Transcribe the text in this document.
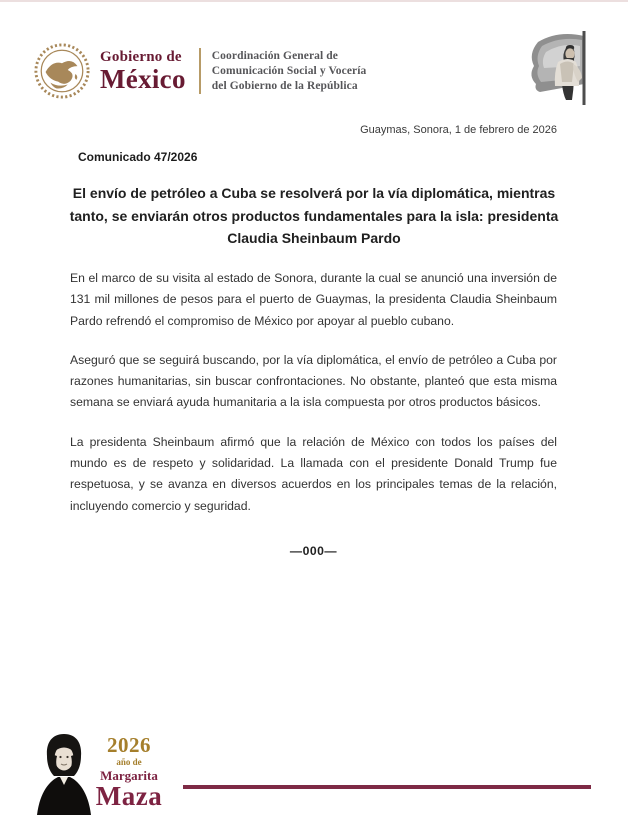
Gobierno de
México
Coordinación General de
Comunicación Social y Vocería
del Gobierno de la República
Guaymas, Sonora, 1 de febrero de 2026
Comunicado 47/2026
El envío de petróleo a Cuba se resolverá por la vía diplomática, mientras tanto, se enviarán otros productos fundamentales para la isla: presidenta Claudia Sheinbaum Pardo

En el marco de su visita al estado de Sonora, durante la cual se anunció una inversión de 131 mil millones de pesos para el puerto de Guaymas, la presidenta Claudia Sheinbaum Pardo refrendó el compromiso de México por apoyar al pueblo cubano.

Aseguró que se seguirá buscando, por la vía diplomática, el envío de petróleo a Cuba por razones humanitarias, sin buscar confrontaciones. No obstante, planteó que esta misma semana se enviará ayuda humanitaria a la isla compuesta por otros productos básicos.

La presidenta Sheinbaum afirmó que la relación de México con todos los países del mundo es de respeto y solidaridad. La llamada con el presidente Donald Trump fue respetuosa, y se avanza en diversos acuerdos en los principales temas de la relación, incluyendo comercio y seguridad.

—000—
2026
año de
Margarita
Maza
